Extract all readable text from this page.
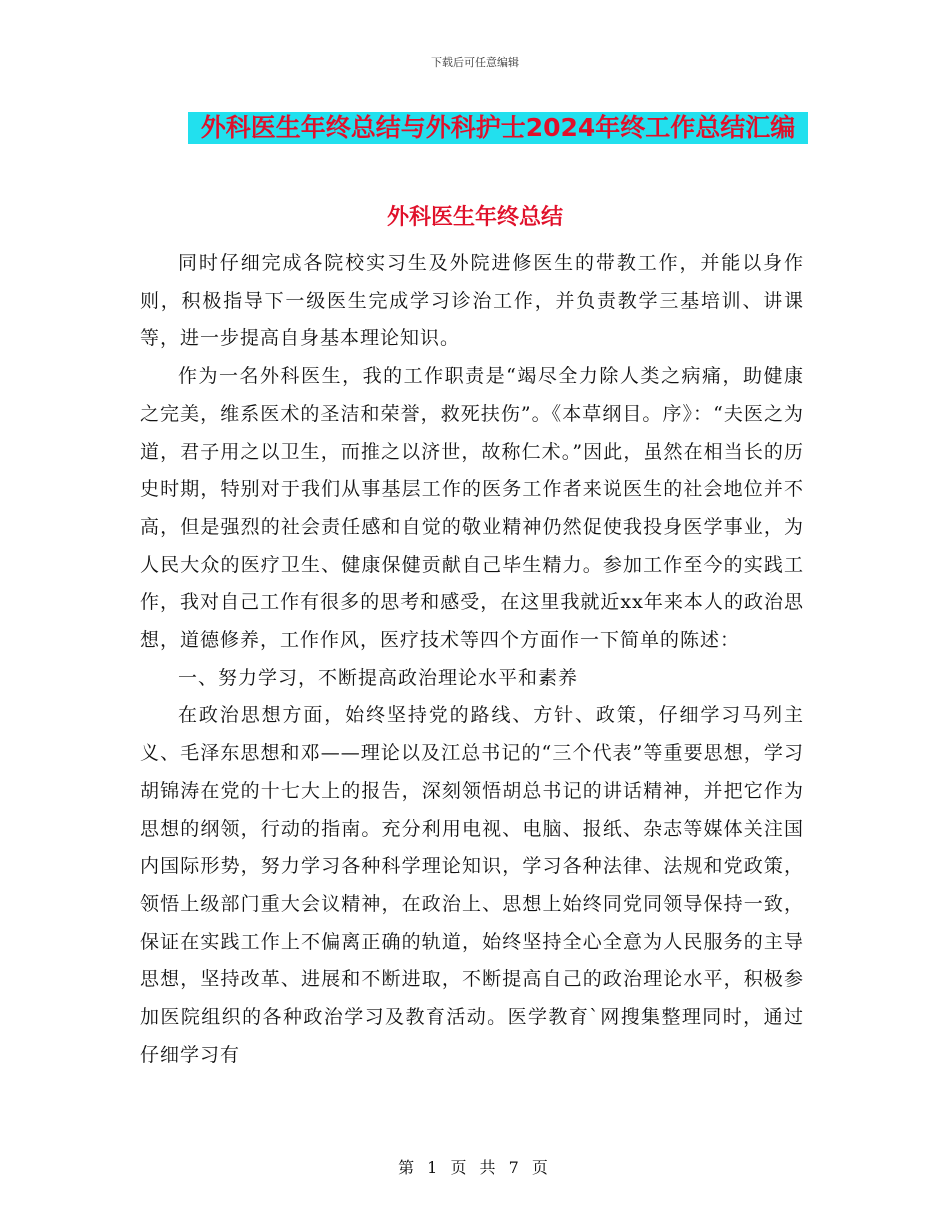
下载后可任意编辑
外科医生年终总结与外科护士2024年终工作总结汇编
外科医生年终总结

同时仔细完成各院校实习生及外院进修医生的带教工作，并能以身作则，积极指导下一级医生完成学习诊治工作，并负责教学三基培训、讲课等，进一步提高自身基本理论知识。

作为一名外科医生，我的工作职责是“竭尽全力除人类之病痛，助健康之完美，维系医术的圣洁和荣誉，救死扶伤”。《本草纲目。序》：“夫医之为道，君子用之以卫生，而推之以济世，故称仁术。”因此，虽然在相当长的历史时期，特别对于我们从事基层工作的医务工作者来说医生的社会地位并不高，但是强烈的社会责任感和自觉的敬业精神仍然促使我投身医学事业，为人民大众的医疗卫生、健康保健贡献自己毕生精力。参加工作至今的实践工作，我对自己工作有很多的思考和感受，在这里我就近xx年来本人的政治思想，道德修养，工作作风，医疗技术等四个方面作一下简单的陈述：

一、努力学习，不断提高政治理论水平和素养

在政治思想方面，始终坚持党的路线、方针、政策，仔细学习马列主义、毛泽东思想和邓——理论以及江总书记的“三个代表”等重要思想，学习胡锦涛在党的十七大上的报告，深刻领悟胡总书记的讲话精神，并把它作为思想的纲领，行动的指南。充分利用电视、电脑、报纸、杂志等媒体关注国内国际形势，努力学习各种科学理论知识，学习各种法律、法规和党政策，领悟上级部门重大会议精神，在政治上、思想上始终同党同领导保持一致，保证在实践工作上不偏离正确的轨道，始终坚持全心全意为人民服务的主导思想，坚持改革、进展和不断进取，不断提高自己的政治理论水平，积极参加医院组织的各种政治学习及教育活动。医学教育`网搜集整理同时，通过仔细学习有

第 1 页 共 7 页
